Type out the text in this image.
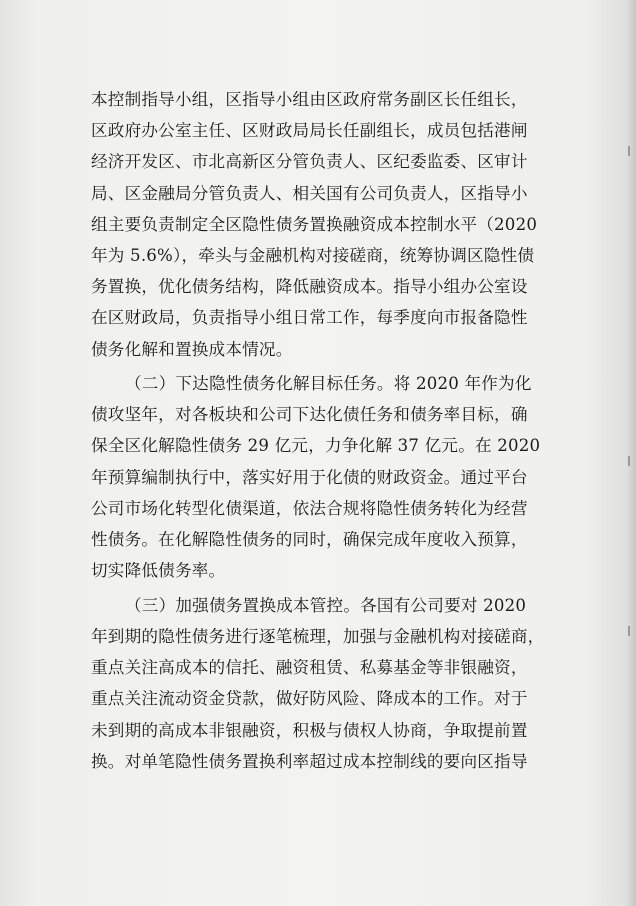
本控制指导小组，区指导小组由区政府常务副区长任组长，
区政府办公室主任、区财政局局长任副组长，成员包括港闸
经济开发区、市北高新区分管负责人、区纪委监委、区审计
局、区金融局分管负责人、相关国有公司负责人，区指导小
组主要负责制定全区隐性债务置换融资成本控制水平（2020
年为 5.6%），牵头与金融机构对接磋商，统筹协调区隐性债
务置换，优化债务结构，降低融资成本。指导小组办公室设
在区财政局，负责指导小组日常工作，每季度向市报备隐性
债务化解和置换成本情况。
（二）下达隐性债务化解目标任务。将 2020 年作为化
债攻坚年，对各板块和公司下达化债任务和债务率目标，确
保全区化解隐性债务 29 亿元，力争化解 37 亿元。在 2020
年预算编制执行中，落实好用于化债的财政资金。通过平台
公司市场化转型化债渠道，依法合规将隐性债务转化为经营
性债务。在化解隐性债务的同时，确保完成年度收入预算，
切实降低债务率。
（三）加强债务置换成本管控。各国有公司要对 2020
年到期的隐性债务进行逐笔梳理，加强与金融机构对接磋商，
重点关注高成本的信托、融资租赁、私募基金等非银融资，
重点关注流动资金贷款，做好防风险、降成本的工作。对于
未到期的高成本非银融资，积极与债权人协商，争取提前置
换。对单笔隐性债务置换利率超过成本控制线的要向区指导
